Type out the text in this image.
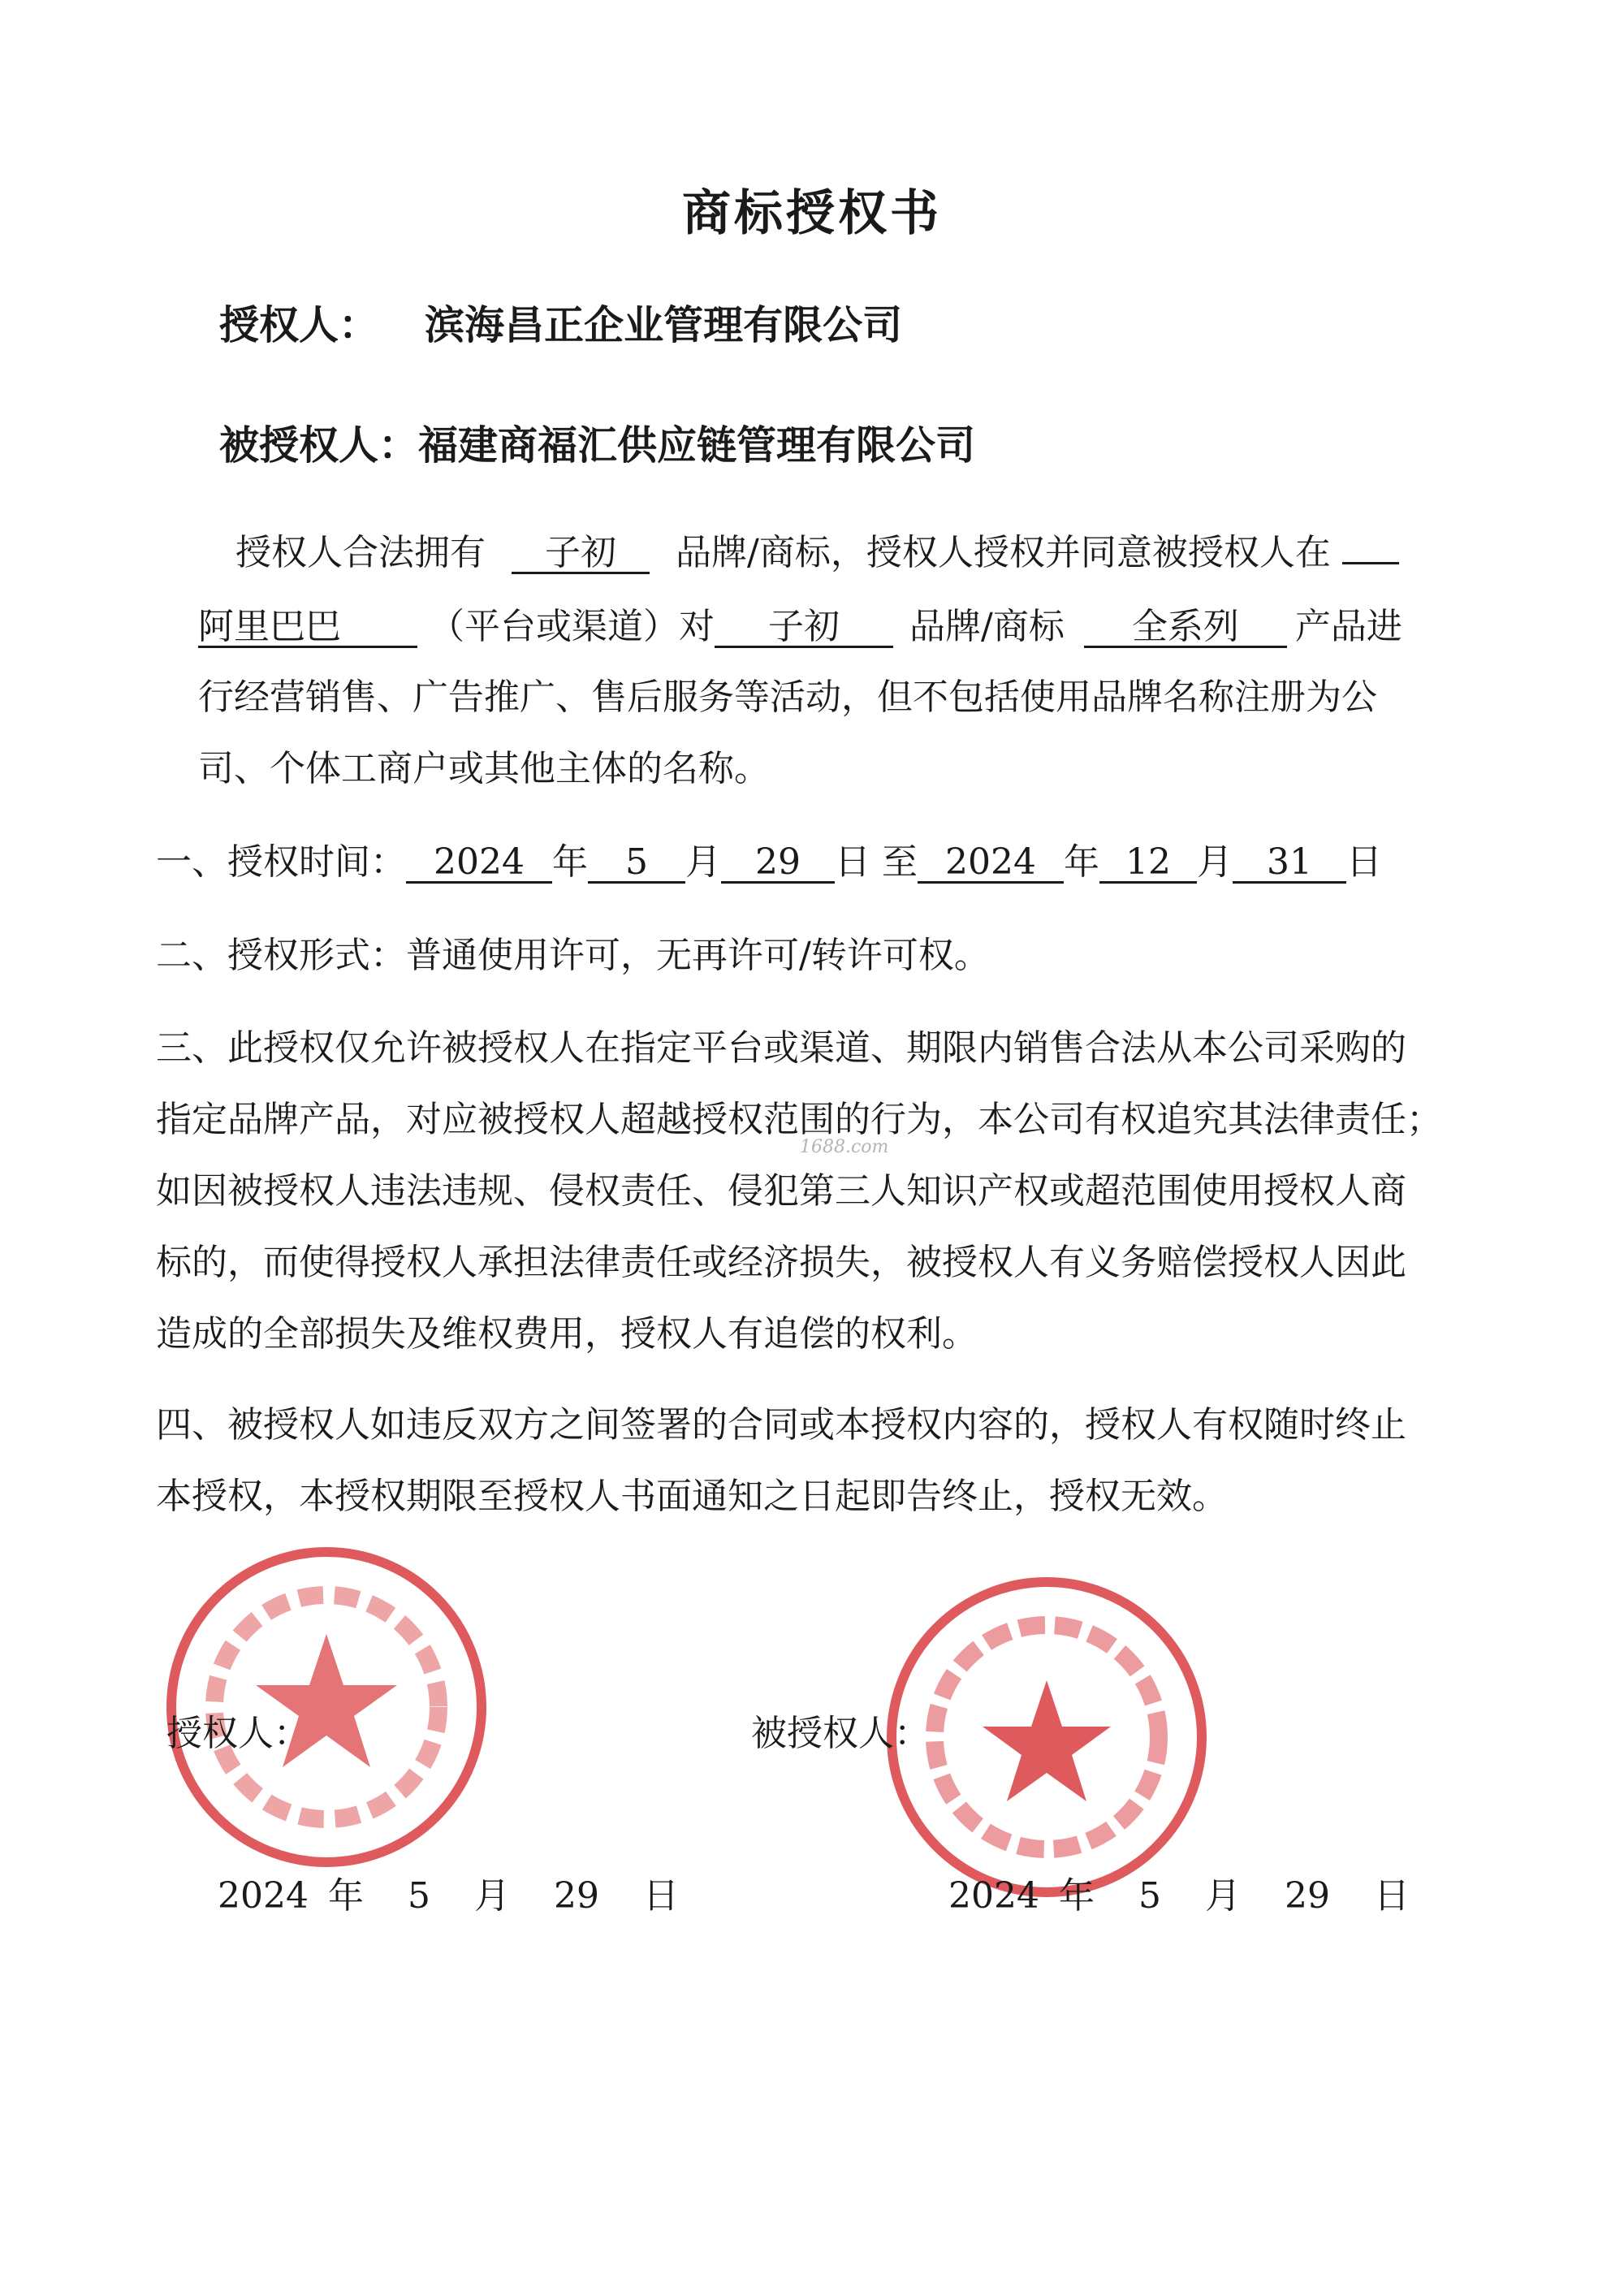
商标授权书
授权人： 滨海昌正企业管理有限公司
被授权人：福建商福汇供应链管理有限公司
授权人合法拥有 子初 品牌/商标，授权人授权并同意被授权人在
阿里巴巴 （平台或渠道）对 子初 品牌/商标 全系列 产品进
行经营销售、广告推广、售后服务等活动，但不包括使用品牌名称注册为公
司、个体工商户或其他主体的名称。
一、授权时间： 2024 年 5 月 29 日 至 2024 年 12 月 31 日
二、授权形式：普通使用许可，无再许可/转许可权。
三、此授权仅允许被授权人在指定平台或渠道、期限内销售合法从本公司采购的
指定品牌产品，对应被授权人超越授权范围的行为，本公司有权追究其法律责任；
如因被授权人违法违规、侵权责任、侵犯第三人知识产权或超范围使用授权人商
标的，而使得授权人承担法律责任或经济损失，被授权人有义务赔偿授权人因此
造成的全部损失及维权费用，授权人有追偿的权利。
1688.com
四、被授权人如违反双方之间签署的合同或本授权内容的，授权人有权随时终止
本授权，本授权期限至授权人书面通知之日起即告终止，授权无效。
授权人：	被授权人：
2024 年 5 月 29 日	2024 年 5 月 29 日
